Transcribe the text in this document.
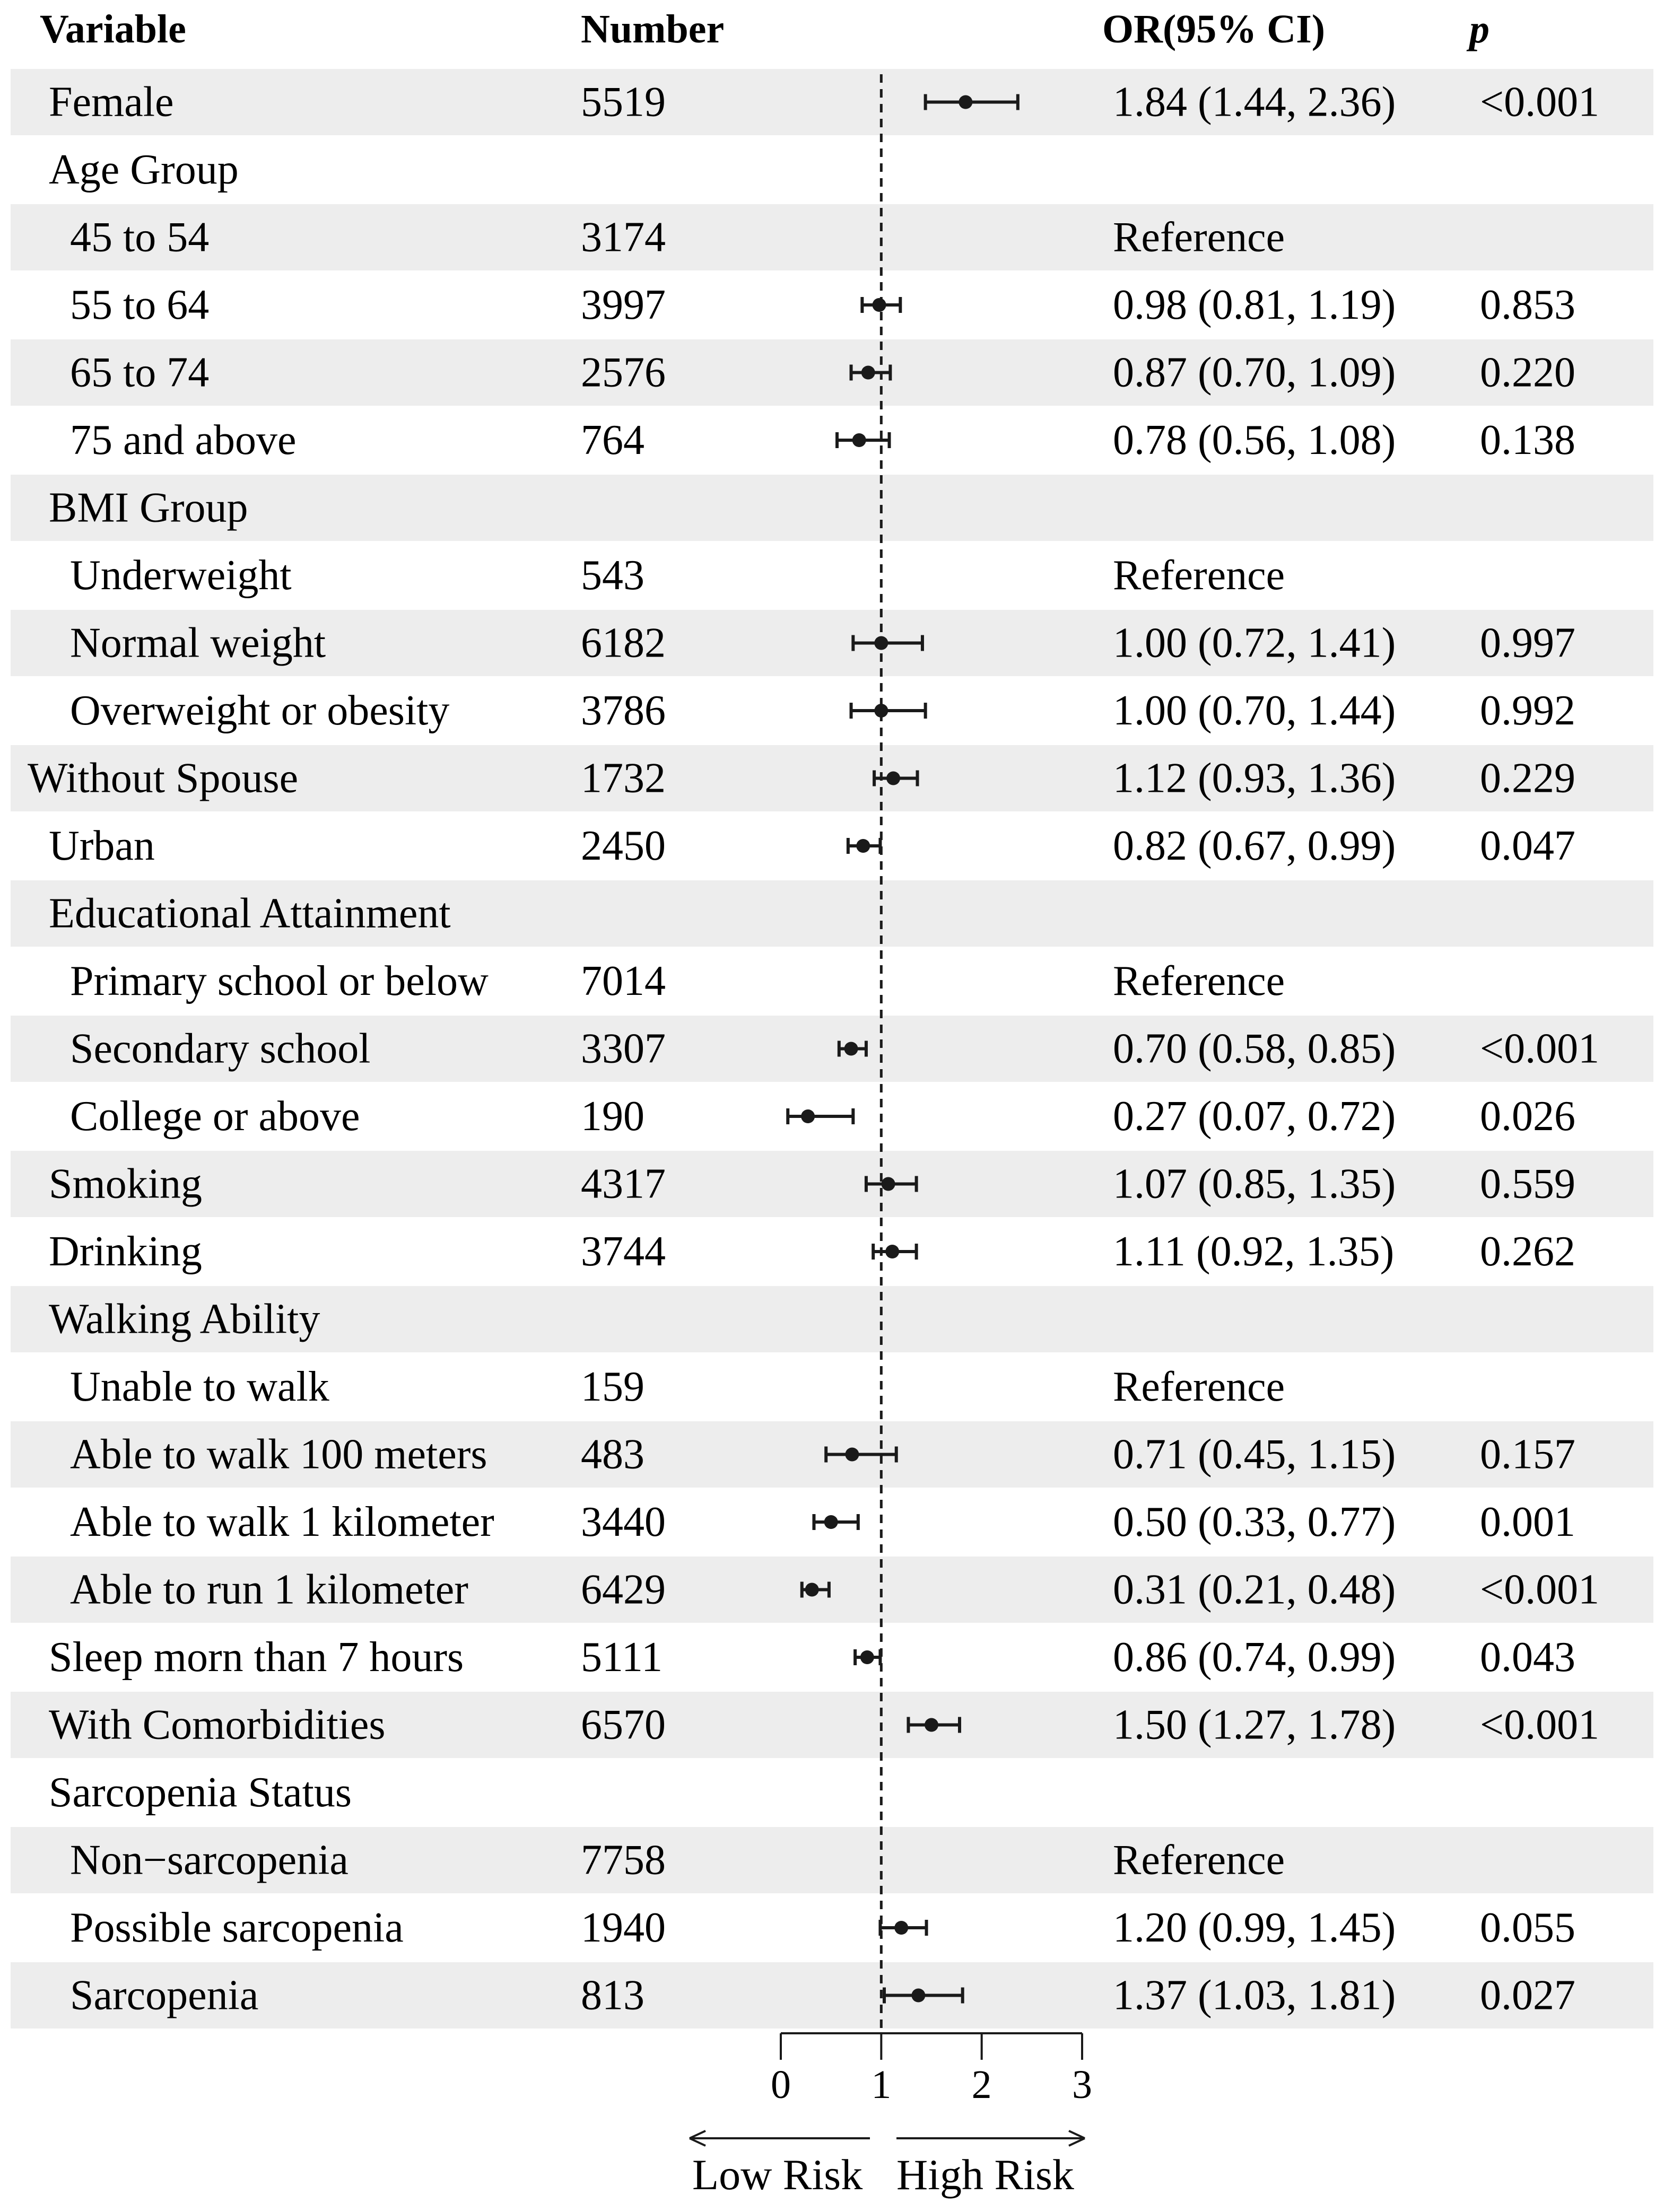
Variable	Number	OR(95% CI)	p
Female	5519	1.84 (1.44, 2.36) <0.001
Age Group
45 to 54	3174	Reference
55 to 64	3997	0.98 (0.81, 1.19) 0.853
65 to 74	2576	0.87 (0.70, 1.09) 0.220
75 and above	764	0.78 (0.56, 1.08) 0.138
BMI Group
Underweight	543	Reference
Normal weight	6182	1.00 (0.72, 1.41) 0.997
Overweight or obesity	3786	1.00 (0.70, 1.44) 0.992
Without Spouse	1732	1.12 (0.93, 1.36) 0.229
Urban	2450	0.82 (0.67, 0.99) 0.047
Educational Attainment
Primary school or below 7014	Reference
Secondary school	3307	0.70 (0.58, 0.85) <0.001
College or above	190	0.27 (0.07, 0.72) 0.026
Smoking	4317	1.07 (0.85, 1.35) 0.559
Drinking	3744	1.11 (0.92, 1.35) 0.262
Walking Ability
Unable to walk	159	Reference
Able to walk 100 meters 483	0.71 (0.45, 1.15) 0.157
Able to walk 1 kilometer 3440	0.50 (0.33, 0.77) 0.001
Able to run 1 kilometer	6429	0.31 (0.21, 0.48) <0.001
Sleep morn than 7 hours	5111	0.86 (0.74, 0.99) 0.043
With Comorbidities	6570	1.50 (1.27, 1.78) <0.001
Sarcopenia Status
Non−sarcopenia	7758	Reference
Possible sarcopenia	1940	1.20 (0.99, 1.45) 0.055
Sarcopenia	813	1.37 (1.03, 1.81) 0.027
0 1 2 3
Low Risk High Risk
